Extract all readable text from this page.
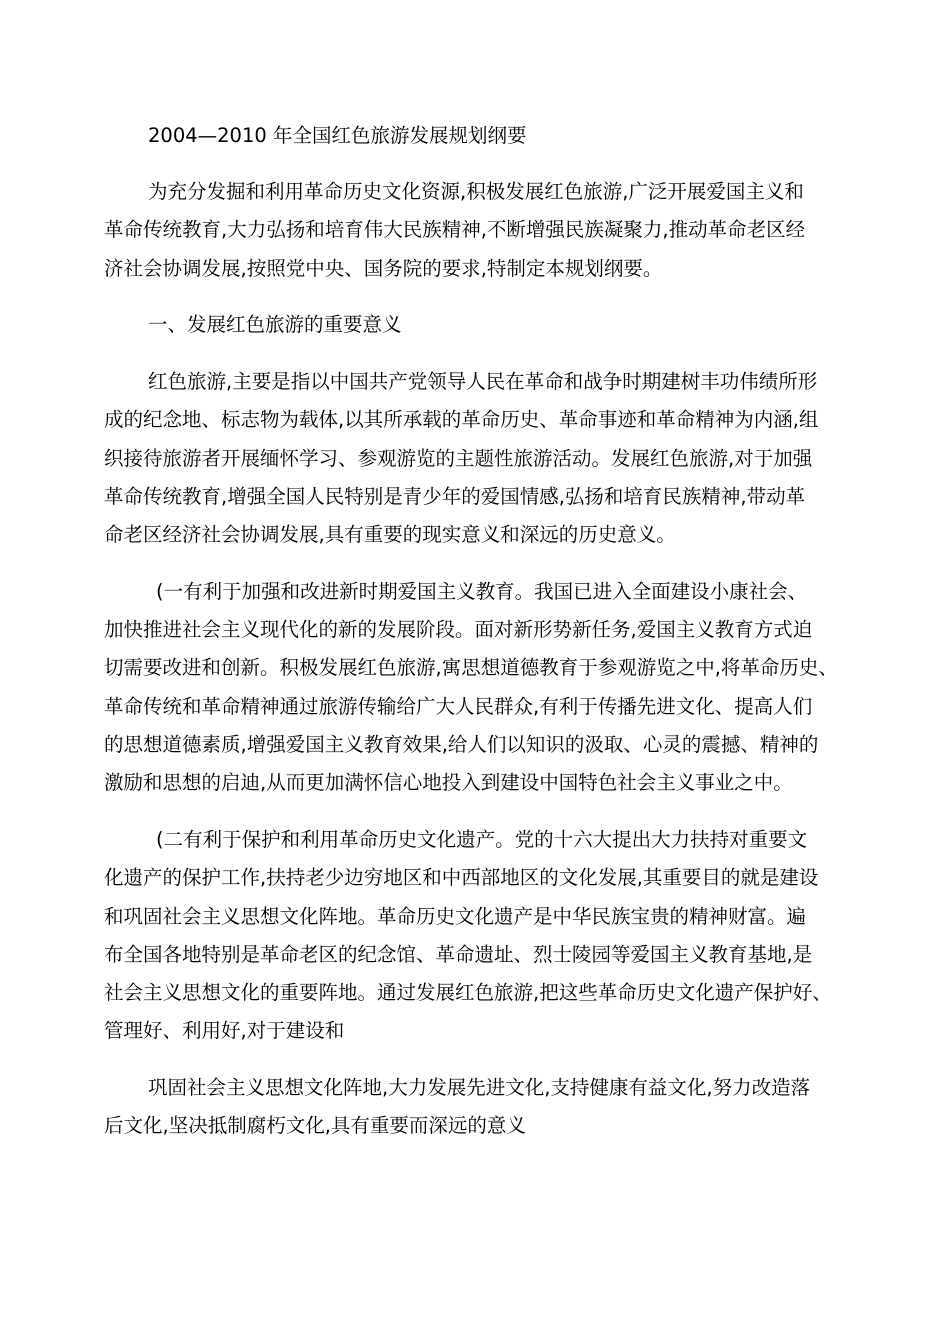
2004—2010 年全国红色旅游发展规划纲要
为充分发掘和利用革命历史文化资源,积极发展红色旅游,广泛开展爱国主义和
革命传统教育,大力弘扬和培育伟大民族精神,不断增强民族凝聚力,推动革命老区经
济社会协调发展,按照党中央、国务院的要求,特制定本规划纲要。
一、发展红色旅游的重要意义
红色旅游,主要是指以中国共产党领导人民在革命和战争时期建树丰功伟绩所形
成的纪念地、标志物为载体,以其所承载的革命历史、革命事迹和革命精神为内涵,组
织接待旅游者开展缅怀学习、参观游览的主题性旅游活动。发展红色旅游,对于加强
革命传统教育,增强全国人民特别是青少年的爱国情感,弘扬和培育民族精神,带动革
命老区经济社会协调发展,具有重要的现实意义和深远的历史意义。
(一有利于加强和改进新时期爱国主义教育。我国已进入全面建设小康社会、
加快推进社会主义现代化的新的发展阶段。面对新形势新任务,爱国主义教育方式迫
切需要改进和创新。积极发展红色旅游,寓思想道德教育于参观游览之中,将革命历史、
革命传统和革命精神通过旅游传输给广大人民群众,有利于传播先进文化、提高人们
的思想道德素质,增强爱国主义教育效果,给人们以知识的汲取、心灵的震撼、精神的
激励和思想的启迪,从而更加满怀信心地投入到建设中国特色社会主义事业之中。
(二有利于保护和利用革命历史文化遗产。党的十六大提出大力扶持对重要文
化遗产的保护工作,扶持老少边穷地区和中西部地区的文化发展,其重要目的就是建设
和巩固社会主义思想文化阵地。革命历史文化遗产是中华民族宝贵的精神财富。遍
布全国各地特别是革命老区的纪念馆、革命遗址、烈士陵园等爱国主义教育基地,是
社会主义思想文化的重要阵地。通过发展红色旅游,把这些革命历史文化遗产保护好、
管理好、利用好,对于建设和
巩固社会主义思想文化阵地,大力发展先进文化,支持健康有益文化,努力改造落
后文化,坚决抵制腐朽文化,具有重要而深远的意义
